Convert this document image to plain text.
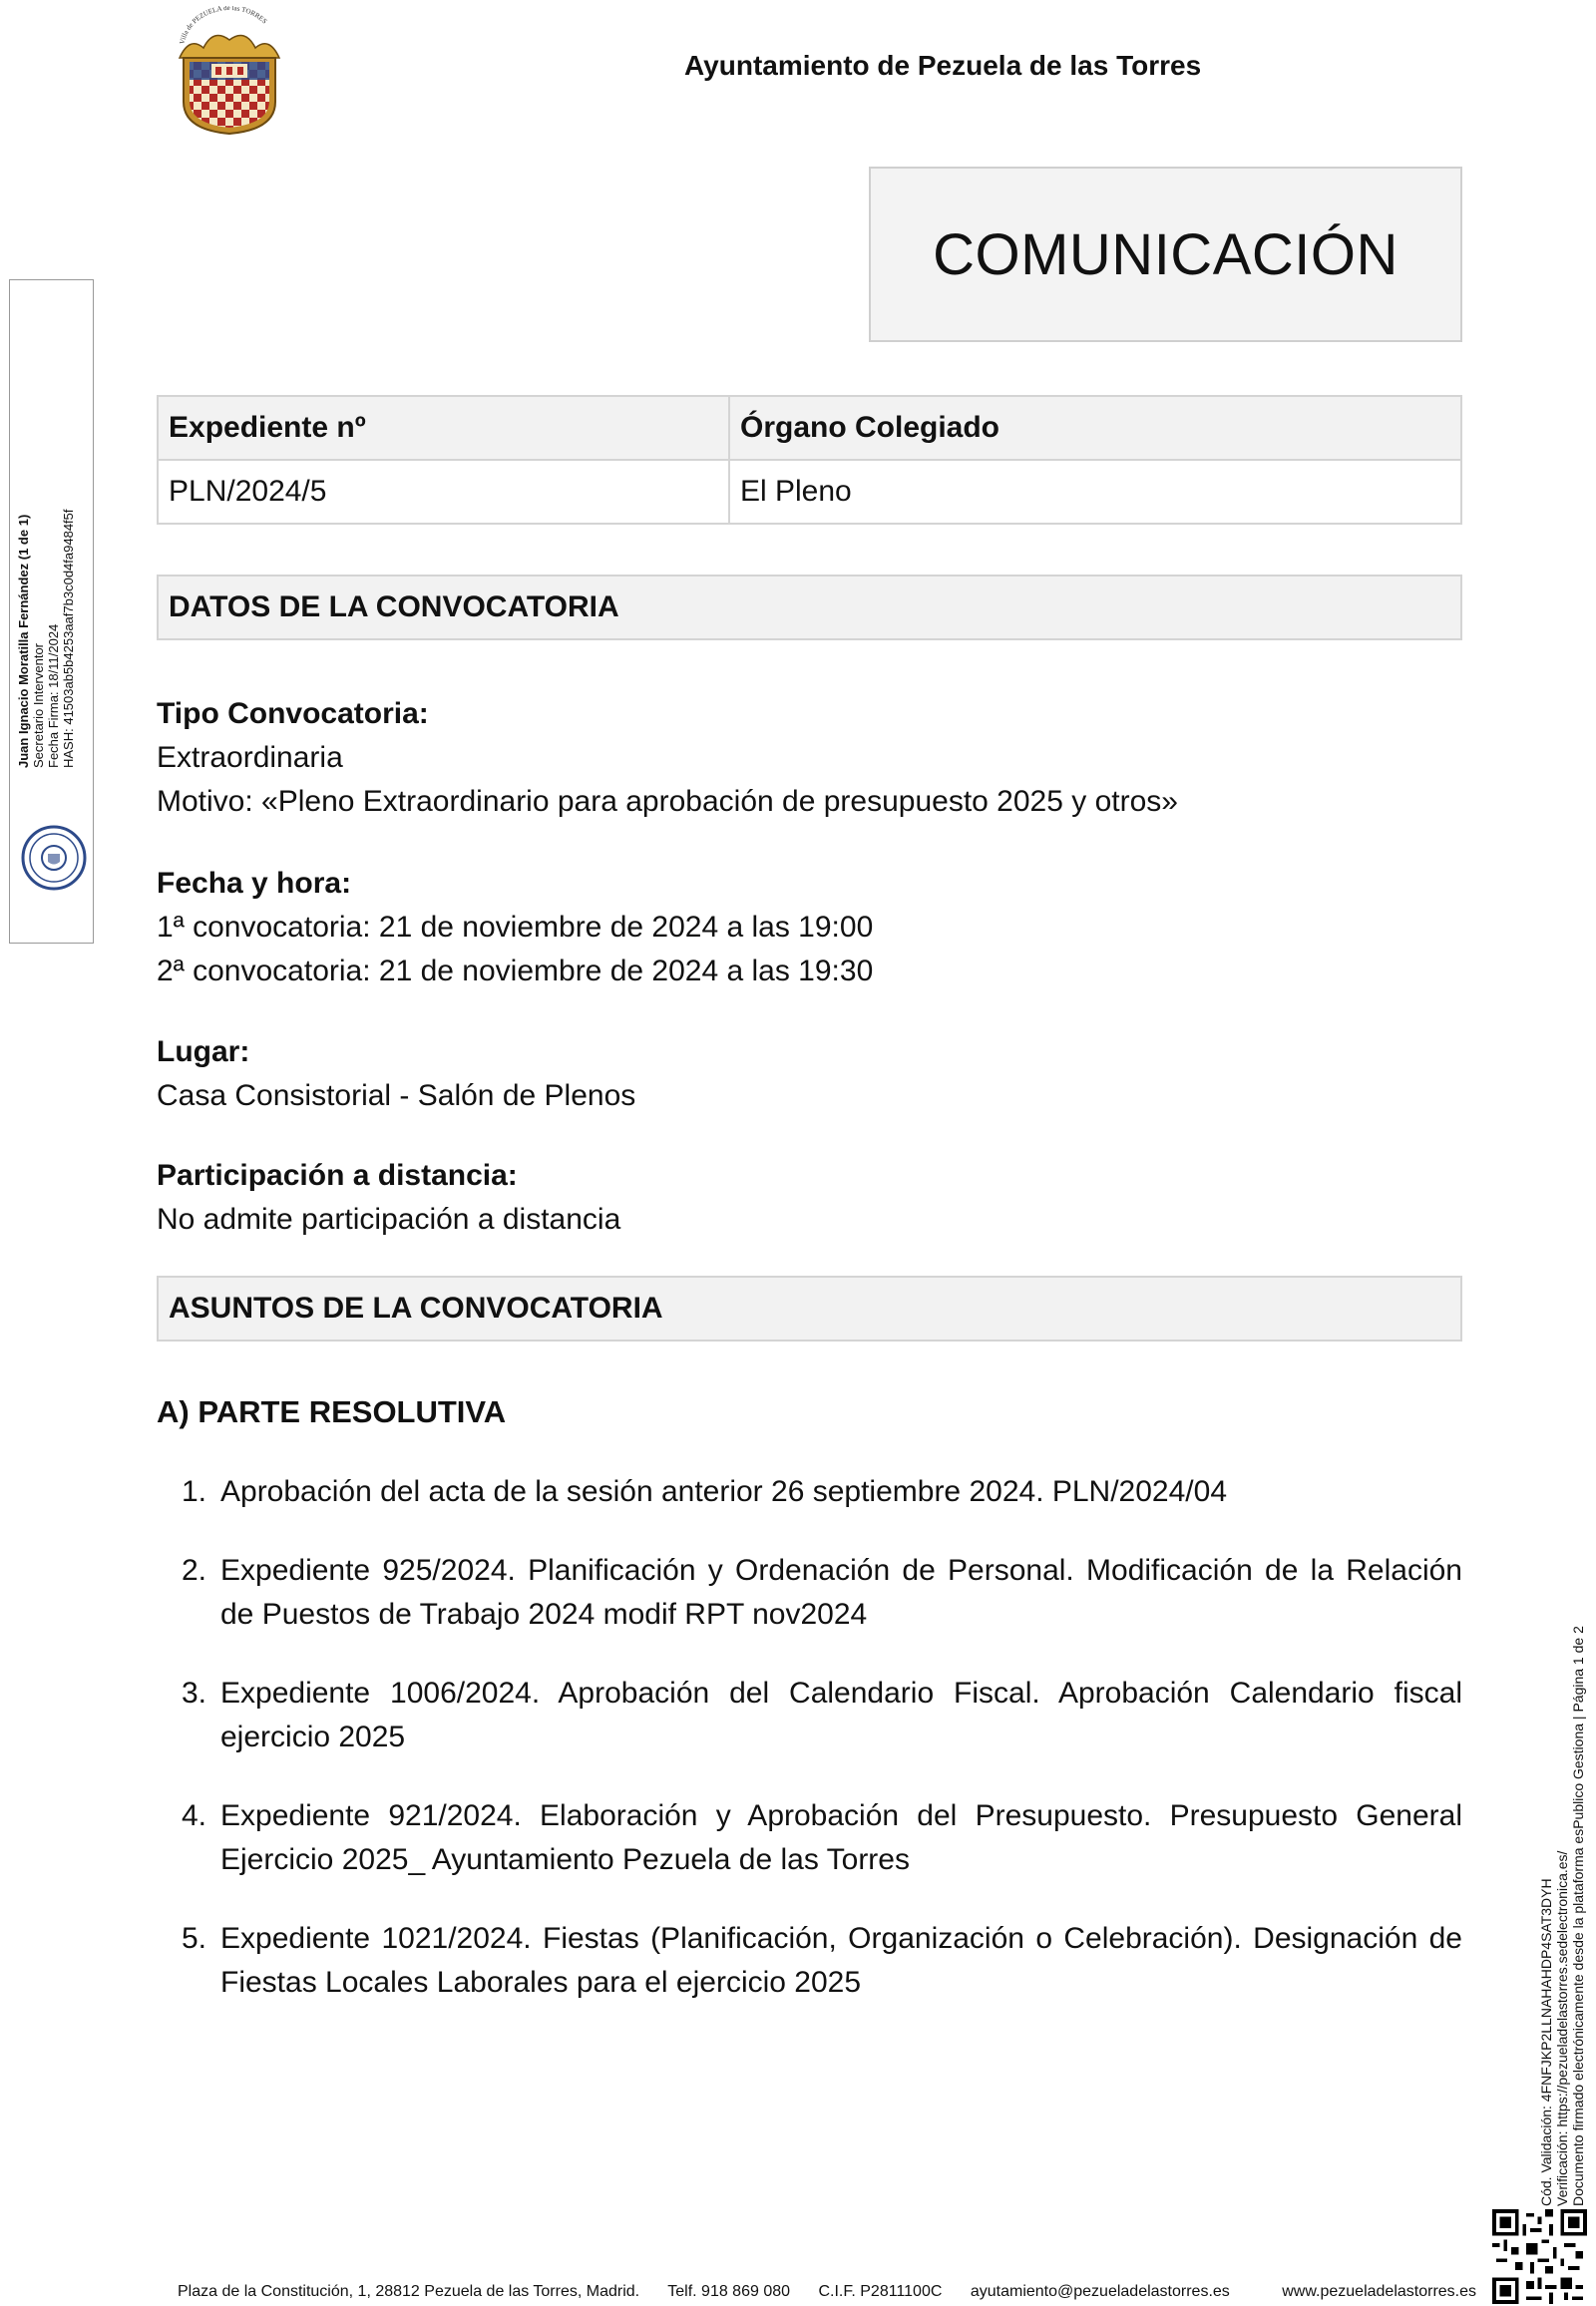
Villa de PEZUELA de las TORRES
Ayuntamiento de Pezuela de las Torres
COMUNICACIÓN
Expediente nº	Órgano Colegiado
PLN/2024/5	El Pleno
DATOS DE LA CONVOCATORIA
Tipo Convocatoria:
Extraordinaria
Motivo: «Pleno Extraordinario para aprobación de presupuesto 2025 y otros»
Fecha y hora:
1ª convocatoria: 21 de noviembre de 2024 a las 19:00
2ª convocatoria: 21 de noviembre de 2024 a las 19:30
Lugar:
Casa Consistorial - Salón de Plenos
Participación a distancia:
No admite participación a distancia
ASUNTOS DE LA CONVOCATORIA
A) PARTE RESOLUTIVA
1. Aprobación del acta de la sesión anterior 26 septiembre 2024. PLN/2024/04
2. Expediente 925/2024. Planificación y Ordenación de Personal. Modificación de la Relación de Puestos de Trabajo 2024 modif RPT nov2024
3. Expediente 1006/2024. Aprobación del Calendario Fiscal. Aprobación Calendario fiscal ejercicio 2025
4. Expediente 921/2024. Elaboración y Aprobación del Presupuesto. Presupuesto General Ejercicio 2025_ Ayuntamiento Pezuela de las Torres
5. Expediente 1021/2024. Fiestas (Planificación, Organización o Celebración). Designación de Fiestas Locales Laborales para el ejercicio 2025
Plaza de la Constitución, 1, 28812 Pezuela de las Torres, Madrid. Telf. 918 869 080 C.I.F. P2811100C ayutamiento@pezueladelastorres.es	www.pezueladelastorres.es
Juan Ignacio Moratilla Fernández (1 de 1) Secretario Interventor Fecha Firma: 18/11/2024 HASH: 41503ab5b4253aaf7b3c0d4fa9484f5f
Cód. Validación: 4FNFJKP2LLNAHAHDP4SAT3DYH Verificación: https://pezueladelastorres.sedelectronica.es/ Documento firmado electrónicamente desde la plataforma esPublico Gestiona | Página 1 de 2
